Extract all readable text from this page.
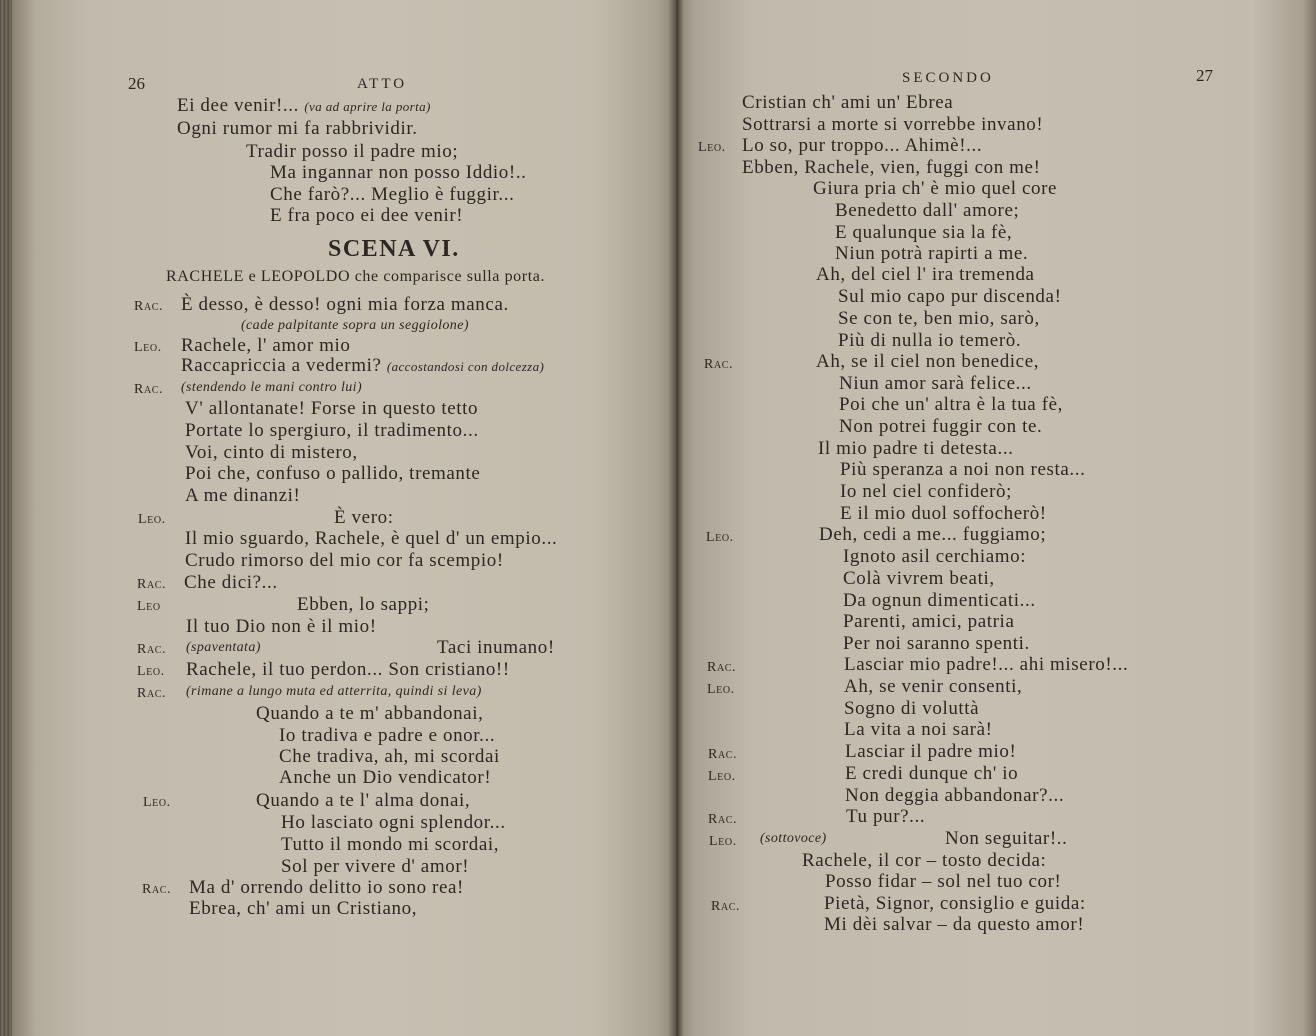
26	ATTO
Ei dee venir!... (va ad aprire la porta)
Ogni rumor mi fa rabbrividir.
Tradir posso il padre mio;
Ma ingannar non posso Iddio!..
Che farò?... Meglio è fuggir...
E fra poco ei dee venir!
SCENA VI.
RACHELE e LEOPOLDO che comparisce sulla porta.
Rac. È desso, è desso! ogni mia forza manca.
(cade palpitante sopra un seggiolone)
Leo. Rachele, l' amor mio
Raccapriccia a vedermi? (accostandosi con dolcezza)
Rac. (stendendo le mani contro lui)
V' allontanate! Forse in questo tetto
Portate lo spergiuro, il tradimento...
Voi, cinto di mistero,
Poi che, confuso o pallido, tremante
A me dinanzi!
Leo.	È vero:
Il mio sguardo, Rachele, è quel d' un empio...
Crudo rimorso del mio cor fa scempio!
Rac. Che dici?...
Leo	Ebben, lo sappi;
Il tuo Dio non è il mio!
Rac. (spaventata)	Taci inumano!
Leo. Rachele, il tuo perdon... Son cristiano!!
Rac. (rimane a lungo muta ed atterrita, quindi si leva)
Quando a te m' abbandonai,
Io tradiva e padre e onor...
Che tradiva, ah, mi scordai
Anche un Dio vendicator!
Leo.	Quando a te l' alma donai,
Ho lasciato ogni splendor...
Tutto il mondo mi scordai,
Sol per vivere d' amor!
Rac. Ma d' orrendo delitto io sono rea!
Ebrea, ch' ami un Cristiano,
SECONDO	27
Cristian ch' ami un' Ebrea
Sottrarsi a morte si vorrebbe invano!
Leo. Lo so, pur troppo... Ahimè!...
Ebben, Rachele, vien, fuggi con me!
Giura pria ch' è mio quel core
Benedetto dall' amore;
E qualunque sia la fè,
Niun potrà rapirti a me.
Ah, del ciel l' ira tremenda
Sul mio capo pur discenda!
Se con te, ben mio, sarò,
Più di nulla io temerò.
Rac.	Ah, se il ciel non benedice,
Niun amor sarà felice...
Poi che un' altra è la tua fè,
Non potrei fuggir con te.
Il mio padre ti detesta...
Più speranza a noi non resta...
Io nel ciel confiderò;
E il mio duol soffocherò!
Leo.	Deh, cedi a me... fuggiamo;
Ignoto asil cerchiamo:
Colà vivrem beati,
Da ognun dimenticati...
Parenti, amici, patria
Per noi saranno spenti.
Rac.	Lasciar mio padre!... ahi misero!...
Leo.	Ah, se venir consenti,
Sogno di voluttà
La vita a noi sarà!
Rac.	Lasciar il padre mio!
Leo.	E credi dunque ch' io
Non deggia abbandonar?...
Rac.	Tu pur?...
Leo. (sottovoce)	Non seguitar!..
Rachele, il cor – tosto decida:
Posso fidar – sol nel tuo cor!
Rac.	Pietà, Signor, consiglio e guida:
Mi dèi salvar – da questo amor!
